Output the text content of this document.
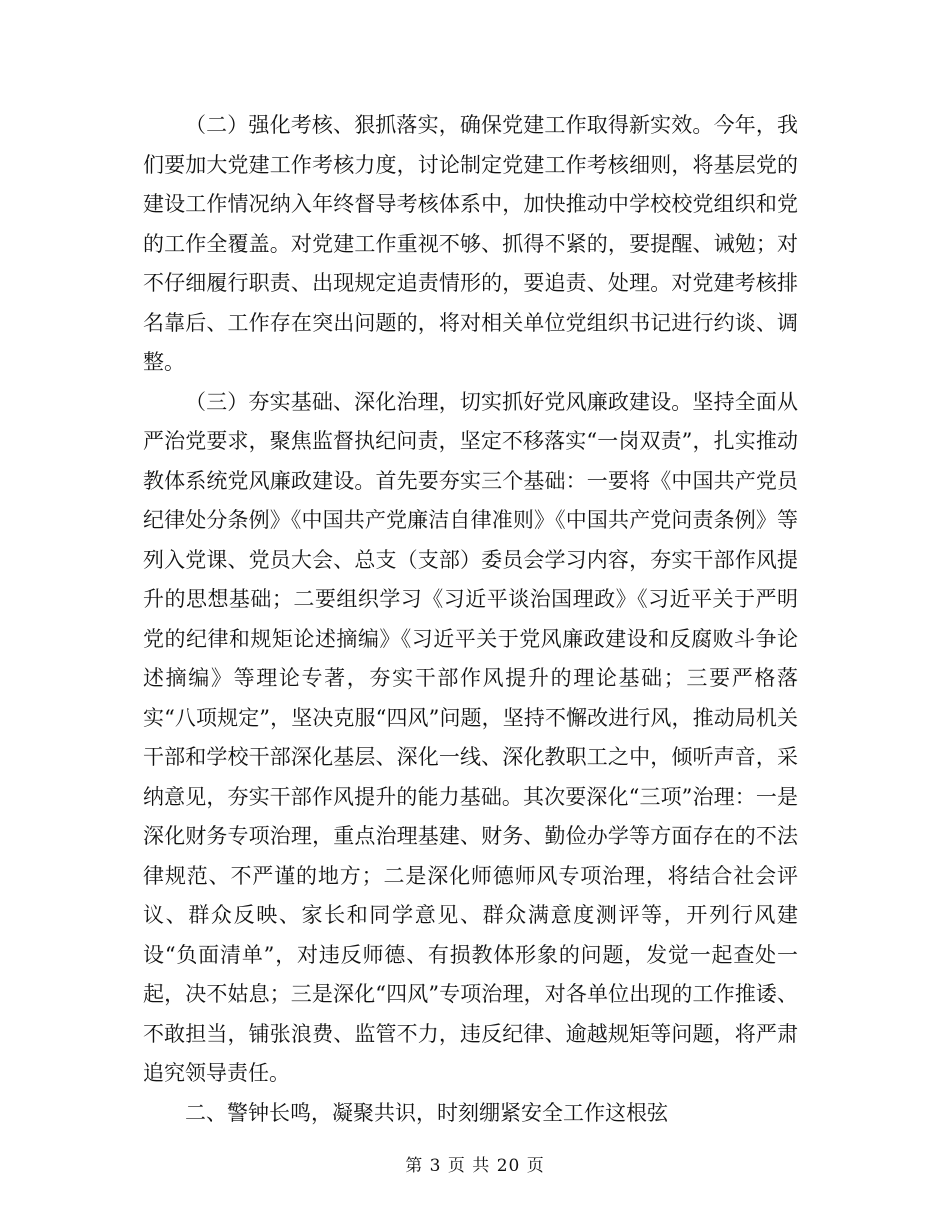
（二）强化考核、狠抓落实，确保党建工作取得新实效。今年，我们要加大党建工作考核力度，讨论制定党建工作考核细则，将基层党的建设工作情况纳入年终督导考核体系中，加快推动中学校校党组织和党的工作全覆盖。对党建工作重视不够、抓得不紧的，要提醒、诫勉；对不仔细履行职责、出现规定追责情形的，要追责、处理。对党建考核排名靠后、工作存在突出问题的，将对相关单位党组织书记进行约谈、调整。

（三）夯实基础、深化治理，切实抓好党风廉政建设。坚持全面从严治党要求，聚焦监督执纪问责，坚定不移落实“一岗双责”，扎实推动教体系统党风廉政建设。首先要夯实三个基础：一要将《中国共产党员纪律处分条例》《中国共产党廉洁自律准则》《中国共产党问责条例》等列入党课、党员大会、总支（支部）委员会学习内容，夯实干部作风提升的思想基础；二要组织学习《习近平谈治国理政》《习近平关于严明党的纪律和规矩论述摘编》《习近平关于党风廉政建设和反腐败斗争论述摘编》等理论专著，夯实干部作风提升的理论基础；三要严格落实“八项规定”，坚决克服“四风”问题，坚持不懈改进行风，推动局机关干部和学校干部深化基层、深化一线、深化教职工之中，倾听声音，采纳意见，夯实干部作风提升的能力基础。其次要深化“三项”治理：一是深化财务专项治理，重点治理基建、财务、勤俭办学等方面存在的不法律规范、不严谨的地方；二是深化师德师风专项治理，将结合社会评议、群众反映、家长和同学意见、群众满意度测评等，开列行风建设“负面清单”，对违反师德、有损教体形象的问题，发觉一起查处一起，决不姑息；三是深化“四风”专项治理，对各单位出现的工作推诿、不敢担当，铺张浪费、监管不力，违反纪律、逾越规矩等问题，将严肃追究领导责任。

二、警钟长鸣，凝聚共识，时刻绷紧安全工作这根弦

第 3 页 共 20 页
